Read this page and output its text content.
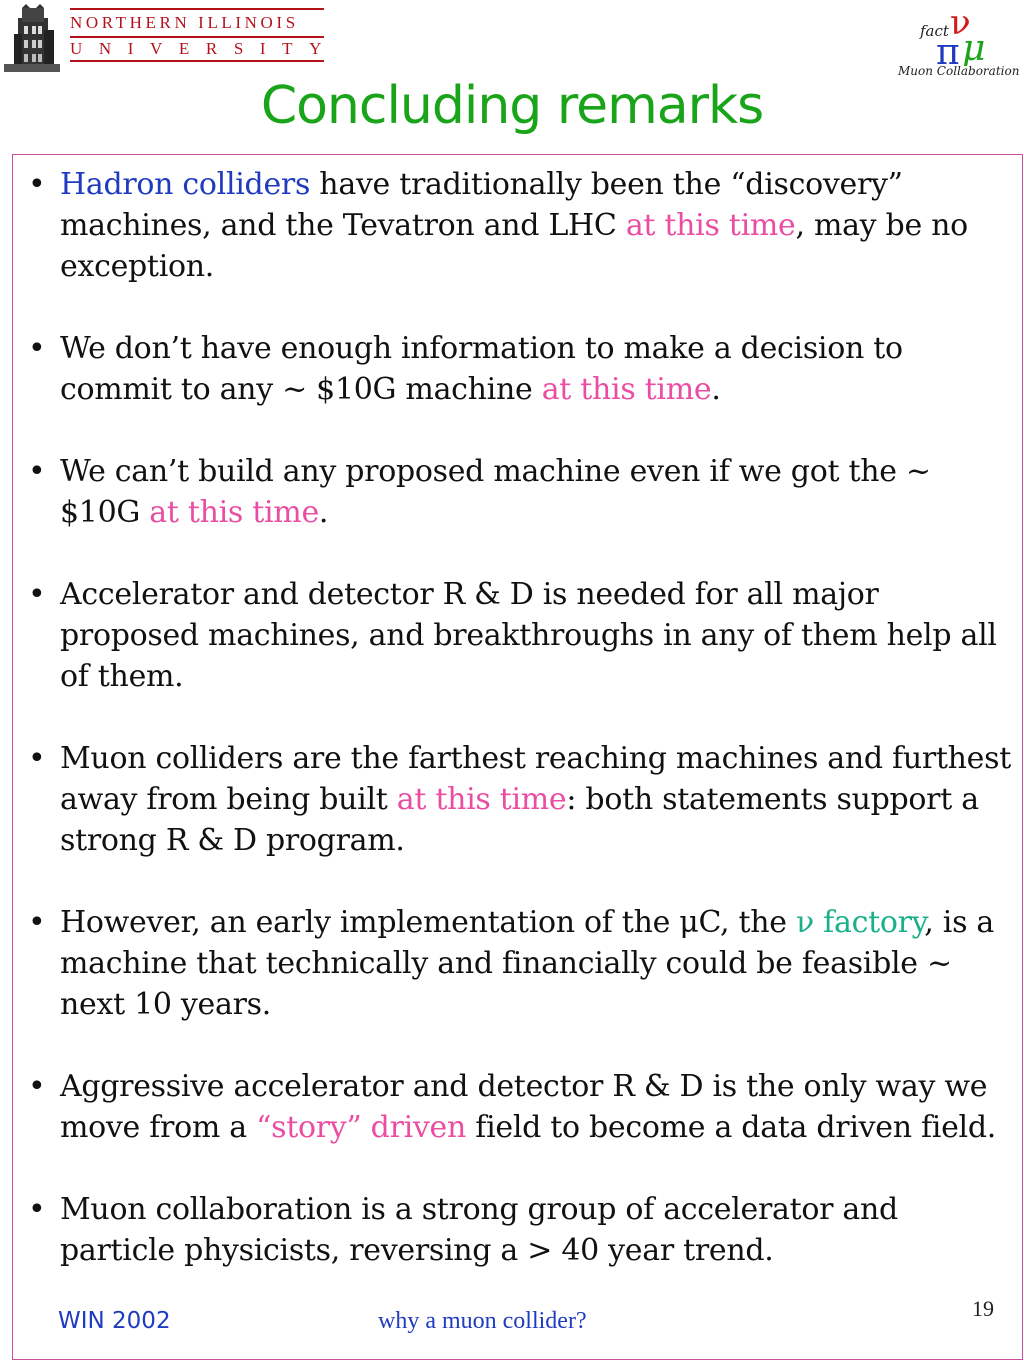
NORTHERN ILLINOIS
UNIVERSITY
fact ν
π μ
Muon Collaboration
Concluding remarks
• Hadron colliders have traditionally been the “discovery” machines, and the Tevatron and LHC at this time, may be no exception.
• We don’t have enough information to make a decision to commit to any ~ $10G machine at this time.
• We can’t build any proposed machine even if we got the ~ $10G at this time.
• Accelerator and detector R & D is needed for all major proposed machines, and breakthroughs in any of them help all of them.
• Muon colliders are the farthest reaching machines and furthest away from being built at this time: both statements support a strong R & D program.
• However, an early implementation of the μC, the ν factory, is a machine that technically and financially could be feasible ~ next 10 years.
• Aggressive accelerator and detector R & D is the only way we move from a “story” driven field to become a data driven field.
• Muon collaboration is a strong group of accelerator and particle physicists, reversing a > 40 year trend.
WIN 2002	why a muon collider?	19
